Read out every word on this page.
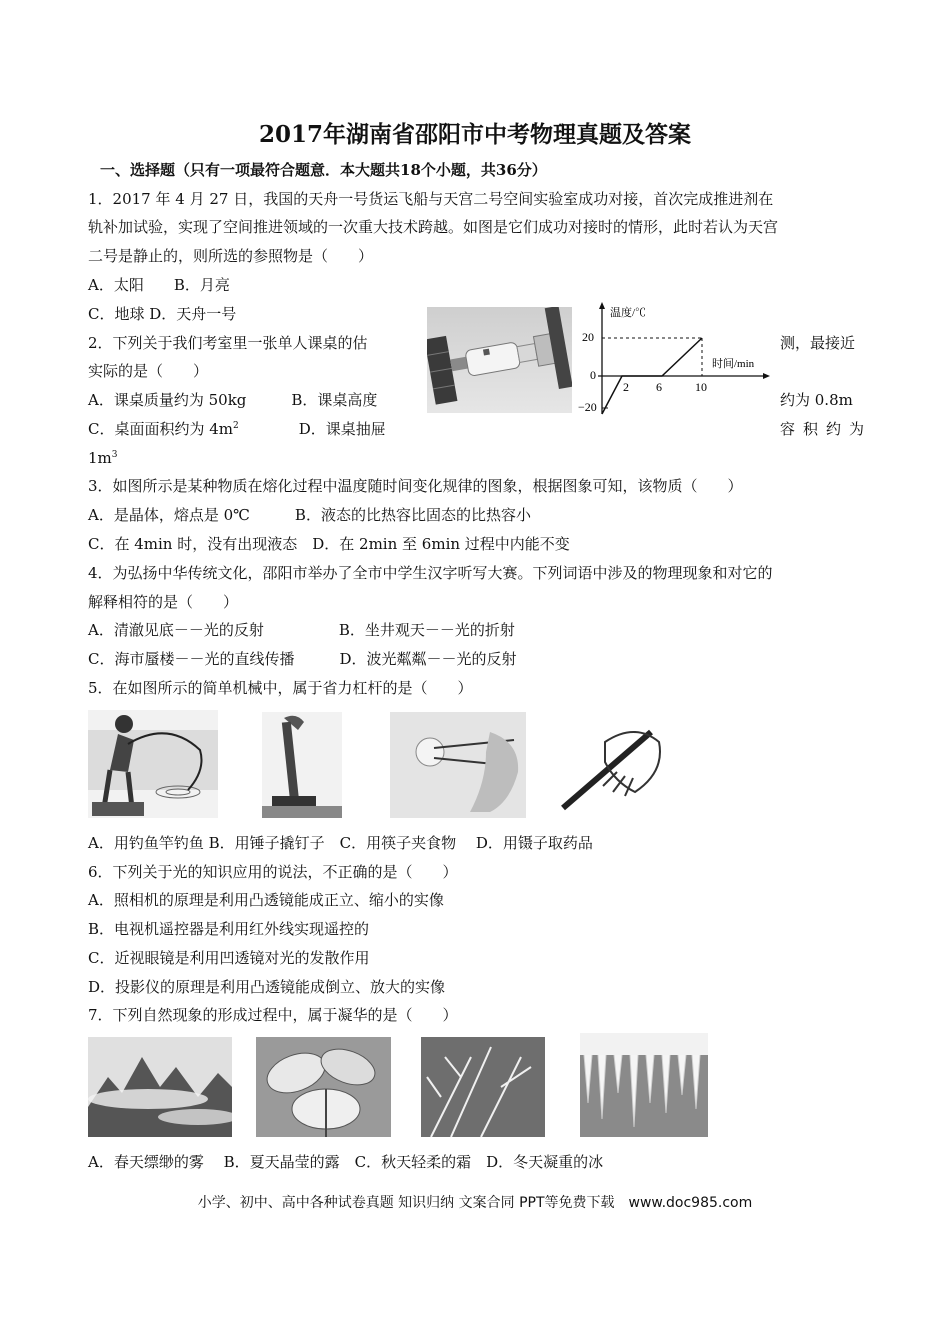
2017年湖南省邵阳市中考物理真题及答案
一、选择题（只有一项最符合题意．本大题共18个小题，共36分）
1．2017 年 4 月 27 日，我国的天舟一号货运飞船与天宫二号空间实验室成功对接，首次完成推进剂在
轨补加试验，实现了空间推进领域的一次重大技术跨越。如图是它们成功对接时的情形，此时若认为天宫
二号是静止的，则所选的参照物是（　　）
A．太阳　　B．月亮
C．地球 D．天舟一号	温度/℃
时间/min
20
0
−20
2 6	10
2．下列关于我们考室里一张单人课桌的估	测，最接近
实际的是（　　）
A．课桌质量约为 50kg　　　B．课桌高度	约为 0.8m
C．桌面面积约为 $4m^2$　　　　D．课桌抽屉	容 积 约 为
$1m^3$
3．如图所示是某种物质在熔化过程中温度随时间变化规律的图象，根据图象可知，该物质（　　）
A．是晶体，熔点是 0℃　　　B．液态的比热容比固态的比热容小
C．在 4min 时，没有出现液态　D．在 2min 至 6min 过程中内能不变
4．为弘扬中华传统文化，邵阳市举办了全市中学生汉字听写大赛。下列词语中涉及的物理现象和对它的
解释相符的是（　　）
A．清澈见底－－光的反射　　　　　B．坐井观天－－光的折射
C．海市蜃楼－－光的直线传播　　　D．波光粼粼－－光的反射
5．在如图所示的简单机械中，属于省力杠杆的是（　　）
A．用钓鱼竿钓鱼 B．用锤子撬钉子　C．用筷子夹食物　 D．用镊子取药品
6．下列关于光的知识应用的说法，不正确的是（　　）
A．照相机的原理是利用凸透镜能成正立、缩小的实像
B．电视机遥控器是利用红外线实现遥控的
C．近视眼镜是利用凹透镜对光的发散作用
D．投影仪的原理是利用凸透镜能成倒立、放大的实像
7．下列自然现象的形成过程中，属于凝华的是（　　）
A．春天缥缈的雾　 B．夏天晶莹的露　C．秋天轻柔的霜　D．冬天凝重的冰
小学、初中、高中各种试卷真题 知识归纳 文案合同 PPT等免费下载　www.doc985.com
